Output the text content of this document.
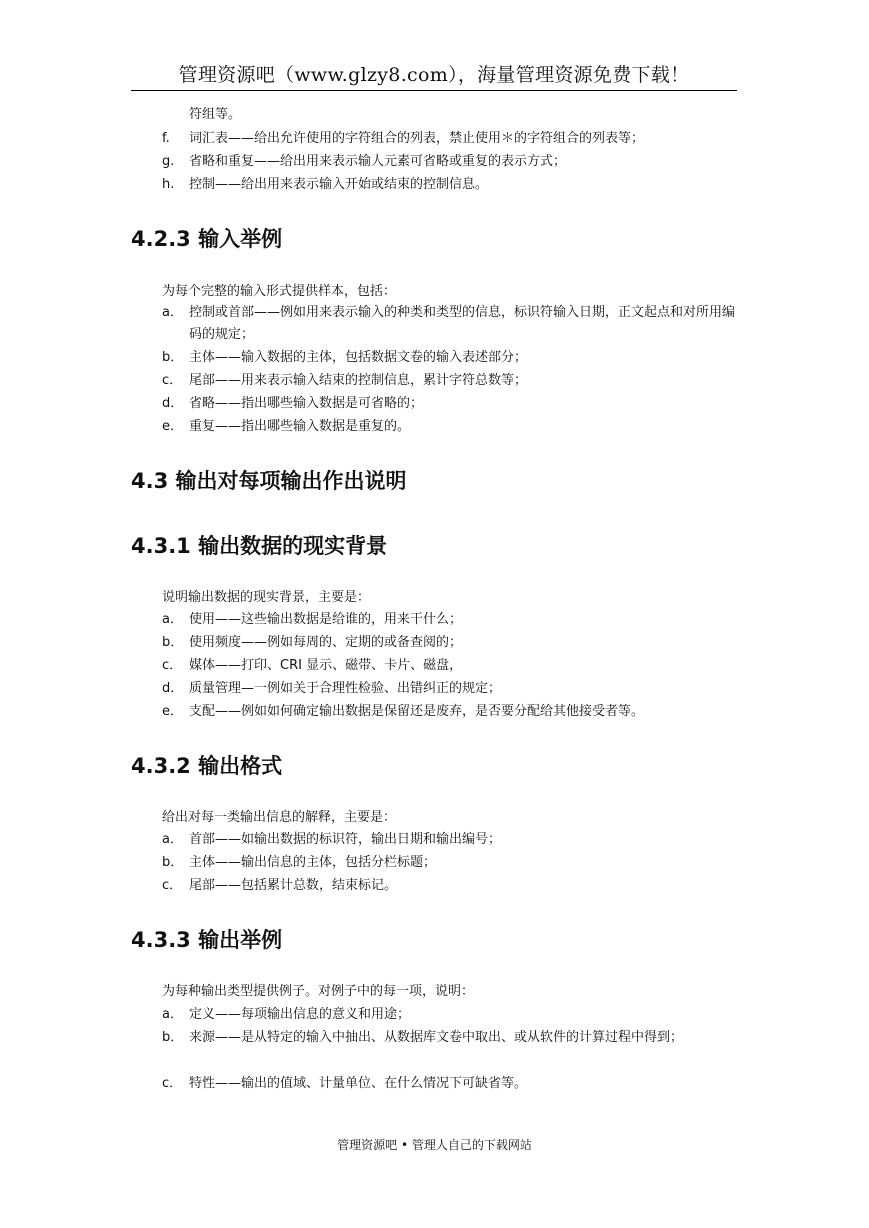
管理资源吧（www.glzy8.com），海量管理资源免费下载！
符组等。
f.	词汇表——给出允许使用的字符组合的列表，禁止使用＊的字符组合的列表等；
g.	省略和重复——给出用来表示输人元素可省略或重复的表示方式；
h.	控制——给出用来表示输入开始或结束的控制信息。
4.2.3 输入举例
为每个完整的输入形式提供样本，包括：
a． 控制或首部——例如用来表示输入的种类和类型的信息，标识符输入日期，正文起点和对所用编码的规定；
b． 主体——输入数据的主体，包括数据文卷的输入表述部分；
c． 尾部——用来表示输入结束的控制信息，累计字符总数等；
d． 省略——指出哪些输入数据是可省略的；
e． 重复——指出哪些输入数据是重复的。
4.3 输出对每项输出作出说明
4.3.1 输出数据的现实背景
说明输出数据的现实背景，主要是：
a． 使用——这些输出数据是给谁的，用来干什么；
b． 使用频度——例如每周的、定期的或备查阅的；
c． 媒体——打印、CRI 显示、磁带、卡片、磁盘，
d． 质量管理—一例如关于合理性检验、出错纠正的规定；
e． 支配——例如如何确定输出数据是保留还是废弃，是否要分配给其他接受者等。
4.3.2 输出格式
给出对每一类输出信息的解释，主要是：
a． 首部——如输出数据的标识符，输出日期和输出编号；
b． 主体——输出信息的主体，包括分栏标题；
c． 尾部——包括累计总数，结束标记。
4.3.3 输出举例
为每种输出类型提供例子。对例子中的每一项，说明：
a． 定义——每项输出信息的意义和用途；
b． 来源——是从特定的输入中抽出、从数据库文卷中取出、或从软件的计算过程中得到；
c． 特性——输出的值域、计量单位、在什么情况下可缺省等。
管理资源吧 • 管理人自己的下载网站
